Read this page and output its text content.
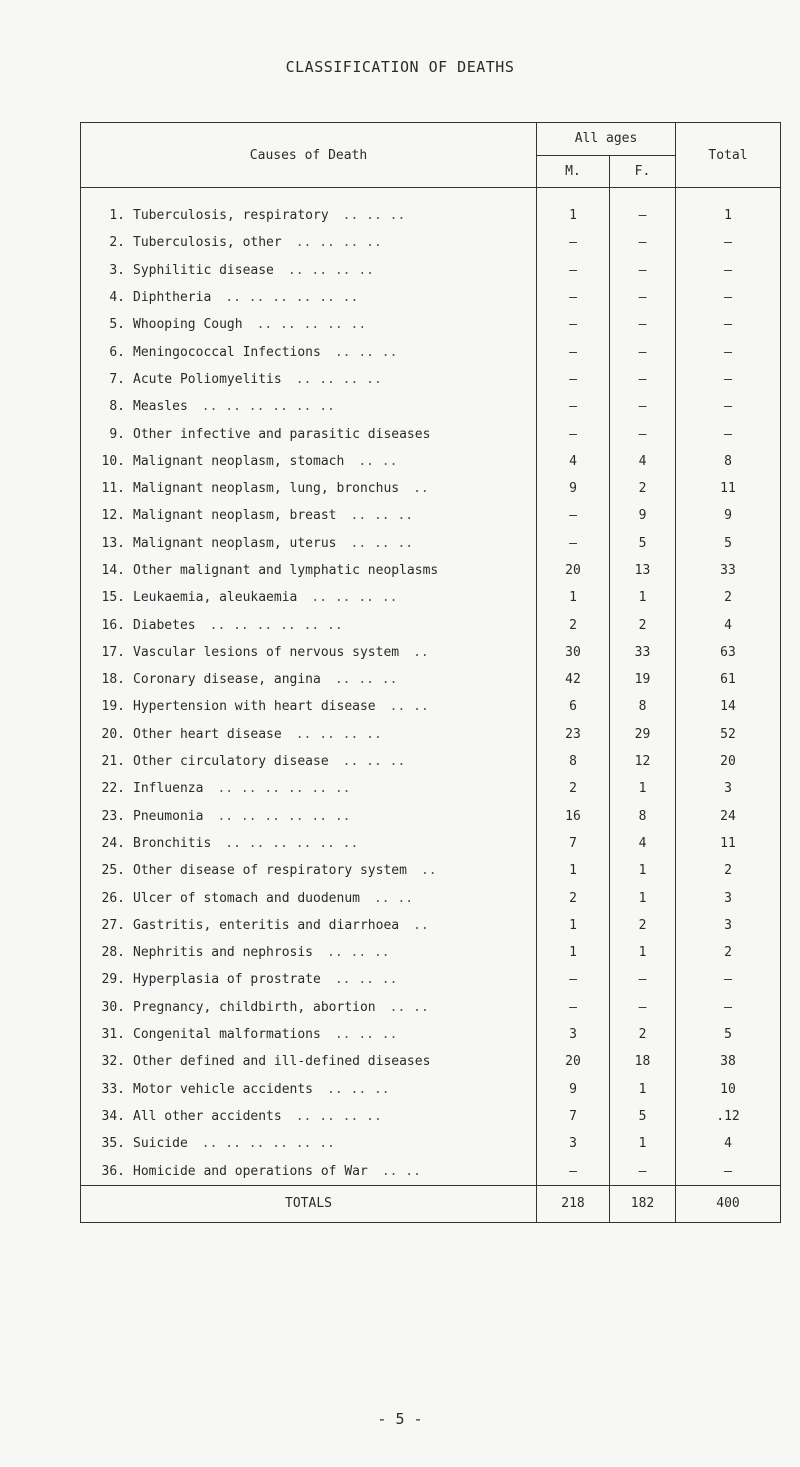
CLASSIFICATION OF DEATHS
Causes of Death	All ages		Total
	M.	F.	

1. Tuberculosis, respiratory .. .. ..	1	–	1
2. Tuberculosis, other .. .. .. ..	–	–	–
3. Syphilitic disease .. .. .. ..	–	–	–
4. Diphtheria .. .. .. .. .. ..	–	–	–
5. Whooping Cough .. .. .. .. ..	–	–	–
6. Meningococcal Infections .. .. ..	–	–	–
7. Acute Poliomyelitis .. .. .. ..	–	–	–
8. Measles .. .. .. .. .. ..	–	–	–
9. Other infective and parasitic diseases	–	–	–
10. Malignant neoplasm, stomach .. ..	4	4	8
11. Malignant neoplasm, lung, bronchus ..	9	2	11
12. Malignant neoplasm, breast .. .. ..	–	9	9
13. Malignant neoplasm, uterus .. .. ..	–	5	5
14. Other malignant and lymphatic neoplasms	20	13	33
15. Leukaemia, aleukaemia .. .. .. ..	1	1	2
16. Diabetes .. .. .. .. .. ..	2	2	4
17. Vascular lesions of nervous system ..	30	33	63
18. Coronary disease, angina .. .. ..	42	19	61
19. Hypertension with heart disease .. ..	6	8	14
20. Other heart disease .. .. .. ..	23	29	52
21. Other circulatory disease .. .. ..	8	12	20
22. Influenza .. .. .. .. .. ..	2	1	3
23. Pneumonia .. .. .. .. .. ..	16	8	24
24. Bronchitis .. .. .. .. .. ..	7	4	11
25. Other disease of respiratory system ..	1	1	2
26. Ulcer of stomach and duodenum .. ..	2	1	3
27. Gastritis, enteritis and diarrhoea ..	1	2	3
28. Nephritis and nephrosis .. .. ..	1	1	2
29. Hyperplasia of prostrate .. .. ..	–	–	–
30. Pregnancy, childbirth, abortion .. ..	–	–	–
31. Congenital malformations .. .. ..	3	2	5
32. Other defined and ill-defined diseases	20	18	38
33. Motor vehicle accidents .. .. ..	9	1	10
34. All other accidents .. .. .. ..	7	5	.12
35. Suicide .. .. .. .. .. ..	3	1	4
36. Homicide and operations of War .. ..	–	–	–
TOTALS	218	182	400
- 5 -
